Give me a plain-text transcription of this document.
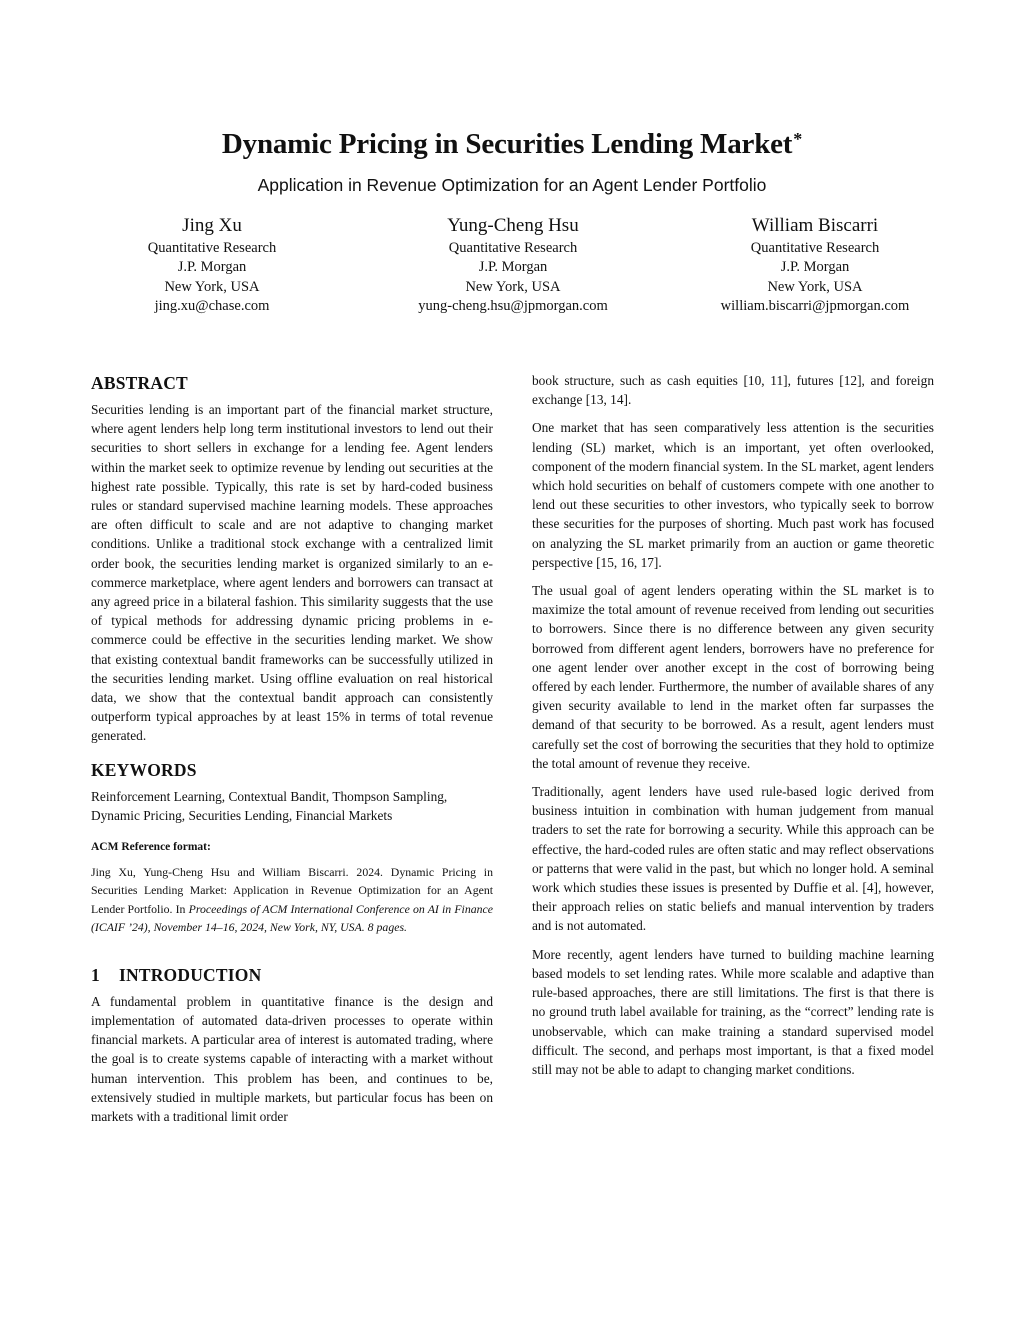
Dynamic Pricing in Securities Lending Market*
Application in Revenue Optimization for an Agent Lender Portfolio
Jing Xu
Quantitative Research
J.P. Morgan
New York, USA
jing.xu@chase.com
Yung-Cheng Hsu
Quantitative Research
J.P. Morgan
New York, USA
yung-cheng.hsu@jpmorgan.com
William Biscarri
Quantitative Research
J.P. Morgan
New York, USA
william.biscarri@jpmorgan.com
ABSTRACT

Securities lending is an important part of the financial market structure, where agent lenders help long term institutional investors to lend out their securities to short sellers in exchange for a lending fee. Agent lenders within the market seek to optimize revenue by lending out securities at the highest rate possible. Typically, this rate is set by hard-coded business rules or standard supervised machine learning models. These approaches are often difficult to scale and are not adaptive to changing market conditions. Unlike a traditional stock exchange with a centralized limit order book, the securities lending market is organized similarly to an e-commerce marketplace, where agent lenders and borrowers can transact at any agreed price in a bilateral fashion. This similarity suggests that the use of typical methods for addressing dynamic pricing problems in e-commerce could be effective in the securities lending market. We show that existing contextual bandit frameworks can be successfully utilized in the securities lending market. Using offline evaluation on real historical data, we show that the contextual bandit approach can consistently outperform typical approaches by at least 15% in terms of total revenue generated.

KEYWORDS

Reinforcement Learning, Contextual Bandit, Thompson Sampling, Dynamic Pricing, Securities Lending, Financial Markets

ACM Reference format:

Jing Xu, Yung-Cheng Hsu and William Biscarri. 2024. Dynamic Pricing in Securities Lending Market: Application in Revenue Optimization for an Agent Lender Portfolio. In Proceedings of ACM International Conference on AI in Finance (ICAIF ’24), November 14–16, 2024, New York, NY, USA. 8 pages.

1 INTRODUCTION

A fundamental problem in quantitative finance is the design and implementation of automated data-driven processes to operate within financial markets. A particular area of interest is automated trading, where the goal is to create systems capable of interacting with a market without human intervention. This problem has been, and continues to be, extensively studied in multiple markets, but particular focus has been on markets with a traditional limit order

book structure, such as cash equities [10, 11], futures [12], and foreign exchange [13, 14].

One market that has seen comparatively less attention is the securities lending (SL) market, which is an important, yet often overlooked, component of the modern financial system. In the SL market, agent lenders which hold securities on behalf of customers compete with one another to lend out these securities to other investors, who typically seek to borrow these securities for the purposes of shorting. Much past work has focused on analyzing the SL market primarily from an auction or game theoretic perspective [15, 16, 17].

The usual goal of agent lenders operating within the SL market is to maximize the total amount of revenue received from lending out securities to borrowers. Since there is no difference between any given security borrowed from different agent lenders, borrowers have no preference for one agent lender over another except in the cost of borrowing being offered by each lender. Furthermore, the number of available shares of any given security available to lend in the market often far surpasses the demand of that security to be borrowed. As a result, agent lenders must carefully set the cost of borrowing the securities that they hold to optimize the total amount of revenue they receive.

Traditionally, agent lenders have used rule-based logic derived from business intuition in combination with human judgement from manual traders to set the rate for borrowing a security. While this approach can be effective, the hard-coded rules are often static and may reflect observations or patterns that were valid in the past, but which no longer hold. A seminal work which studies these issues is presented by Duffie et al. [4], however, their approach relies on static beliefs and manual intervention by traders and is not automated.

More recently, agent lenders have turned to building machine learning based models to set lending rates. While more scalable and adaptive than rule-based approaches, there are still limitations. The first is that there is no ground truth label available for training, as the “correct” lending rate is unobservable, which can make training a standard supervised model difficult. The second, and perhaps most important, is that a fixed model still may not be able to adapt to changing market conditions.
